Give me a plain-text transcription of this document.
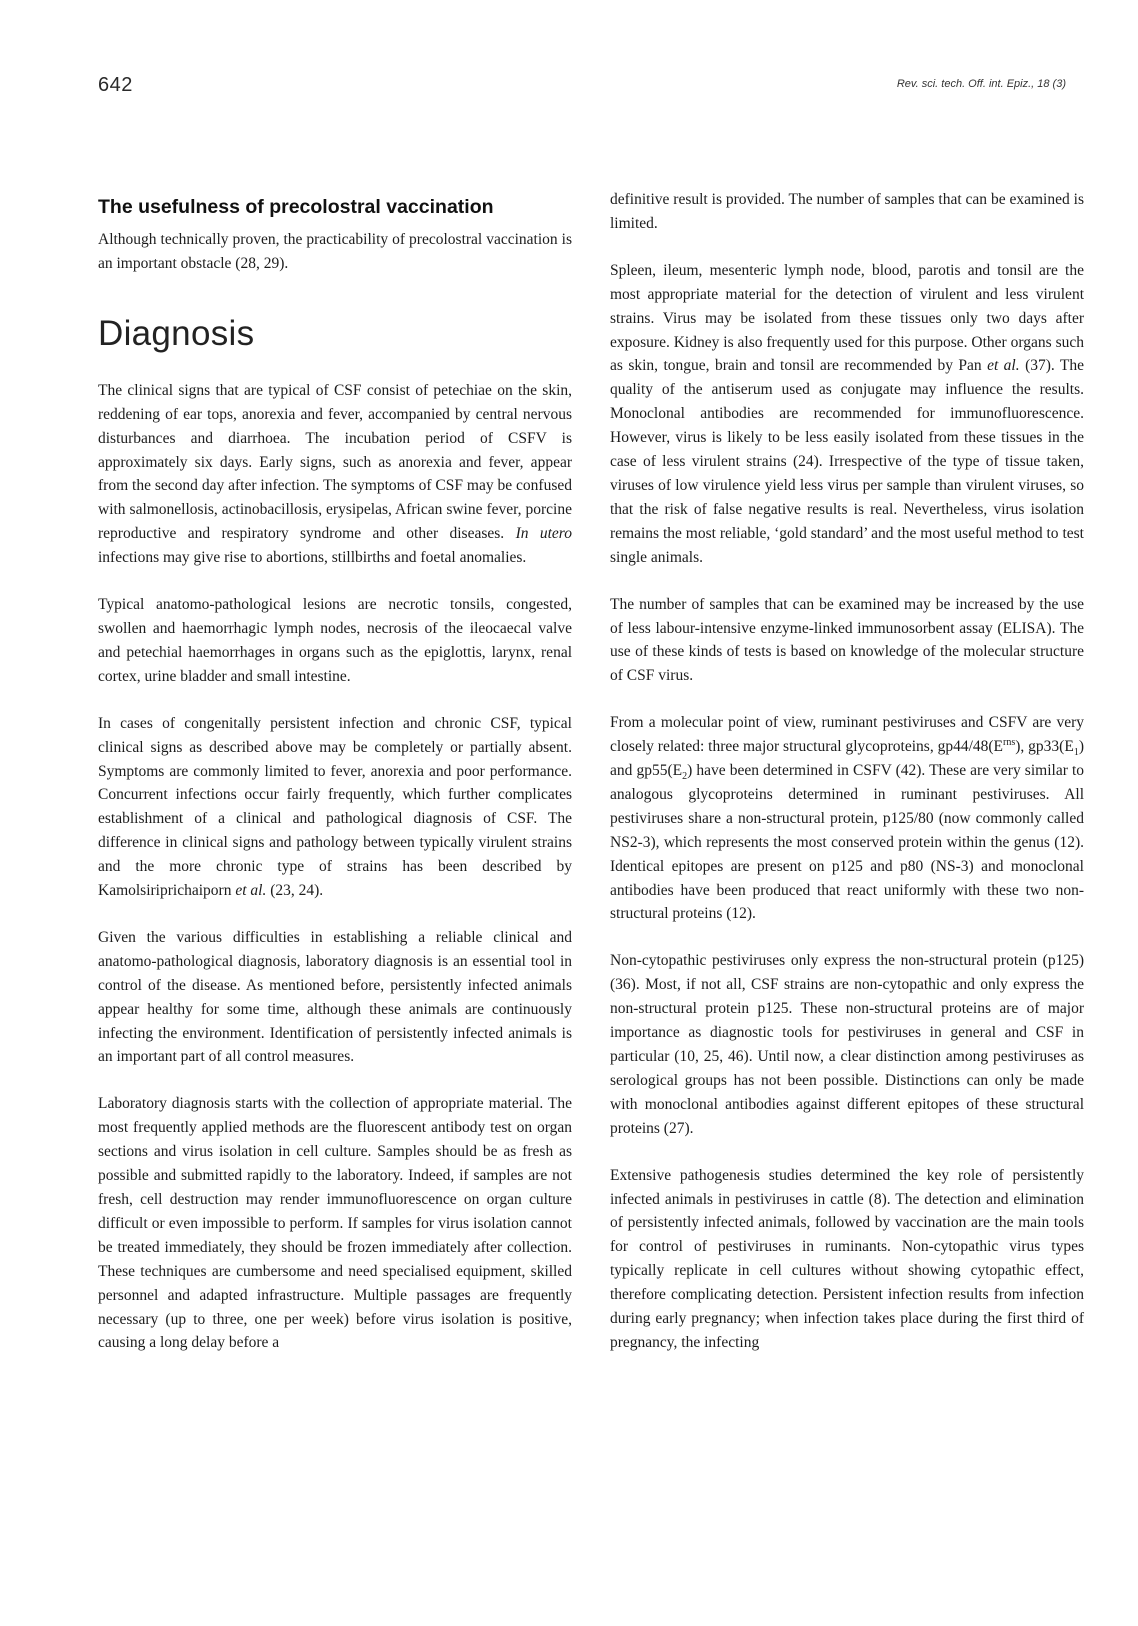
642	Rev. sci. tech. Off. int. Epiz., 18 (3)
The usefulness of precolostral vaccination

Although technically proven, the practicability of precolostral vaccination is an important obstacle (28, 29).

Diagnosis

The clinical signs that are typical of CSF consist of petechiae on the skin, reddening of ear tops, anorexia and fever, accompanied by central nervous disturbances and diarrhoea. The incubation period of CSFV is approximately six days. Early signs, such as anorexia and fever, appear from the second day after infection. The symptoms of CSF may be confused with salmonellosis, actinobacillosis, erysipelas, African swine fever, porcine reproductive and respiratory syndrome and other diseases. In utero infections may give rise to abortions, stillbirths and foetal anomalies.

Typical anatomo-pathological lesions are necrotic tonsils, congested, swollen and haemorrhagic lymph nodes, necrosis of the ileocaecal valve and petechial haemorrhages in organs such as the epiglottis, larynx, renal cortex, urine bladder and small intestine.

In cases of congenitally persistent infection and chronic CSF, typical clinical signs as described above may be completely or partially absent. Symptoms are commonly limited to fever, anorexia and poor performance. Concurrent infections occur fairly frequently, which further complicates establishment of a clinical and pathological diagnosis of CSF. The difference in clinical signs and pathology between typically virulent strains and the more chronic type of strains has been described by Kamolsiriprichaiporn et al. (23, 24).

Given the various difficulties in establishing a reliable clinical and anatomo-pathological diagnosis, laboratory diagnosis is an essential tool in control of the disease. As mentioned before, persistently infected animals appear healthy for some time, although these animals are continuously infecting the environment. Identification of persistently infected animals is an important part of all control measures.

Laboratory diagnosis starts with the collection of appropriate material. The most frequently applied methods are the fluorescent antibody test on organ sections and virus isolation in cell culture. Samples should be as fresh as possible and submitted rapidly to the laboratory. Indeed, if samples are not fresh, cell destruction may render immunofluorescence on organ culture difficult or even impossible to perform. If samples for virus isolation cannot be treated immediately, they should be frozen immediately after collection. These techniques are cumbersome and need specialised equipment, skilled personnel and adapted infrastructure. Multiple passages are frequently necessary (up to three, one per week) before virus isolation is positive, causing a long delay before a

definitive result is provided. The number of samples that can be examined is limited.

Spleen, ileum, mesenteric lymph node, blood, parotis and tonsil are the most appropriate material for the detection of virulent and less virulent strains. Virus may be isolated from these tissues only two days after exposure. Kidney is also frequently used for this purpose. Other organs such as skin, tongue, brain and tonsil are recommended by Pan et al. (37). The quality of the antiserum used as conjugate may influence the results. Monoclonal antibodies are recommended for immunofluorescence. However, virus is likely to be less easily isolated from these tissues in the case of less virulent strains (24). Irrespective of the type of tissue taken, viruses of low virulence yield less virus per sample than virulent viruses, so that the risk of false negative results is real. Nevertheless, virus isolation remains the most reliable, ‘gold standard’ and the most useful method to test single animals.

The number of samples that can be examined may be increased by the use of less labour-intensive enzyme-linked immunosorbent assay (ELISA). The use of these kinds of tests is based on knowledge of the molecular structure of CSF virus.

From a molecular point of view, ruminant pestiviruses and CSFV are very closely related: three major structural glycoproteins, $gp44/48(E^{rns})$, $gp33(E_1)$ and $gp55(E_2)$ have been determined in CSFV (42). These are very similar to analogous glycoproteins determined in ruminant pestiviruses. All pestiviruses share a non-structural protein, p125/80 (now commonly called NS2-3), which represents the most conserved protein within the genus (12). Identical epitopes are present on p125 and p80 (NS-3) and monoclonal antibodies have been produced that react uniformly with these two non-structural proteins (12).

Non-cytopathic pestiviruses only express the non-structural protein (p125) (36). Most, if not all, CSF strains are non-cytopathic and only express the non-structural protein p125. These non-structural proteins are of major importance as diagnostic tools for pestiviruses in general and CSF in particular (10, 25, 46). Until now, a clear distinction among pestiviruses as serological groups has not been possible. Distinctions can only be made with monoclonal antibodies against different epitopes of these structural proteins (27).

Extensive pathogenesis studies determined the key role of persistently infected animals in pestiviruses in cattle (8). The detection and elimination of persistently infected animals, followed by vaccination are the main tools for control of pestiviruses in ruminants. Non-cytopathic virus types typically replicate in cell cultures without showing cytopathic effect, therefore complicating detection. Persistent infection results from infection during early pregnancy; when infection takes place during the first third of pregnancy, the infecting
